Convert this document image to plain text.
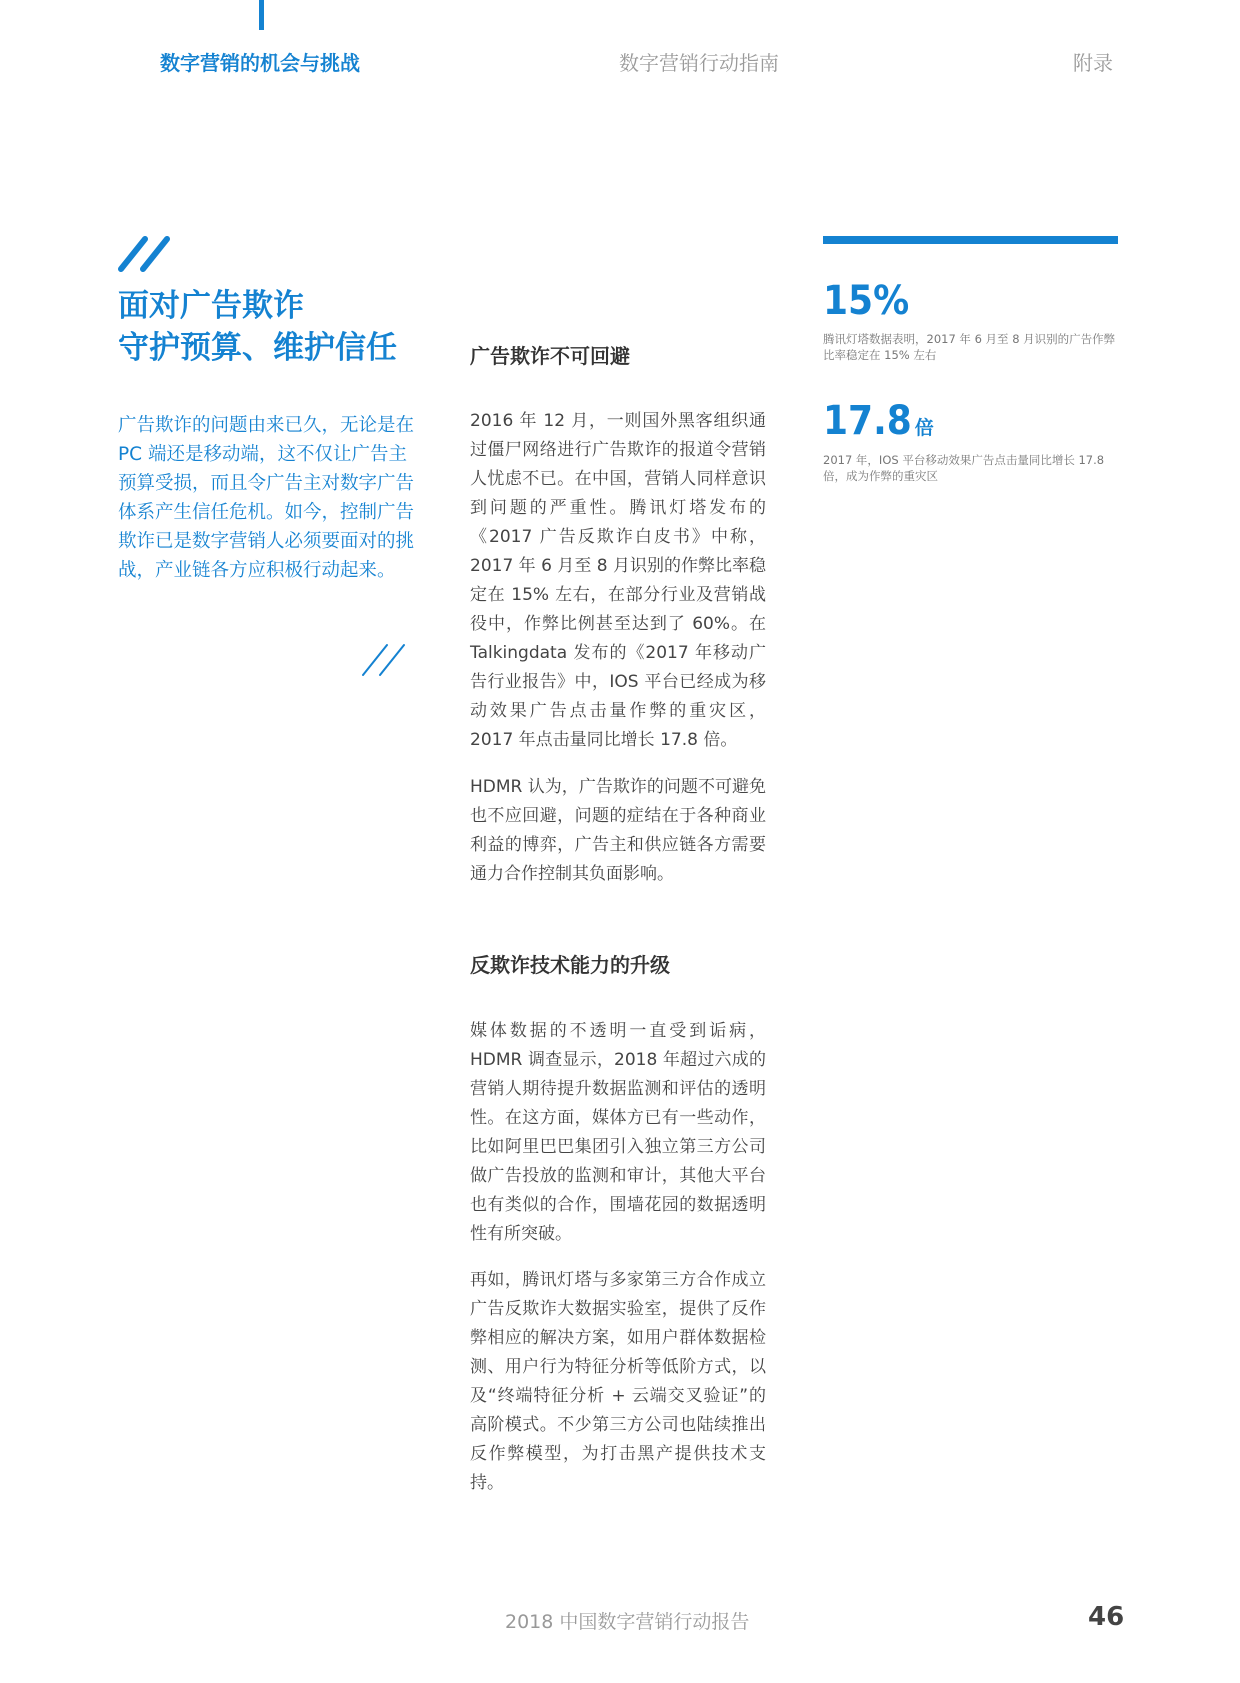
数字营销的机会与挑战	数字营销行动指南	附录
面对广告欺诈
守护预算、维护信任

广告欺诈的问题由来已久，无论是在 PC 端还是移动端，这不仅让广告主预算受损，而且令广告主对数字广告体系产生信任危机。如今，控制广告欺诈已是数字营销人必须要面对的挑战，产业链各方应积极行动起来。

广告欺诈不可回避

2016 年 12 月，一则国外黑客组织通过僵尸网络进行广告欺诈的报道令营销人忧虑不已。在中国，营销人同样意识到问题的严重性。腾讯灯塔发布的《2017 广告反欺诈白皮书》中称，2017 年 6 月至 8 月识别的作弊比率稳定在 15% 左右，在部分行业及营销战役中，作弊比例甚至达到了 60%。在 Talkingdata 发布的《2017 年移动广告行业报告》中，IOS 平台已经成为移动效果广告点击量作弊的重灾区，2017 年点击量同比增长 17.8 倍。

HDMR 认为，广告欺诈的问题不可避免也不应回避，问题的症结在于各种商业利益的博弈，广告主和供应链各方需要通力合作控制其负面影响。

反欺诈技术能力的升级

媒体数据的不透明一直受到诟病，HDMR 调查显示，2018 年超过六成的营销人期待提升数据监测和评估的透明性。在这方面，媒体方已有一些动作，比如阿里巴巴集团引入独立第三方公司做广告投放的监测和审计，其他大平台也有类似的合作，围墙花园的数据透明性有所突破。

再如，腾讯灯塔与多家第三方合作成立广告反欺诈大数据实验室，提供了反作弊相应的解决方案，如用户群体数据检测、用户行为特征分析等低阶方式，以及“终端特征分析 + 云端交叉验证”的高阶模式。不少第三方公司也陆续推出反作弊模型，为打击黑产提供技术支持。

15%

腾讯灯塔数据表明，2017 年 6 月至 8 月识别的广告作弊比率稳定在 15% 左右

17.8 倍

2017 年，IOS 平台移动效果广告点击量同比增长 17.8 倍，成为作弊的重灾区

2018 中国数字营销行动报告	46
